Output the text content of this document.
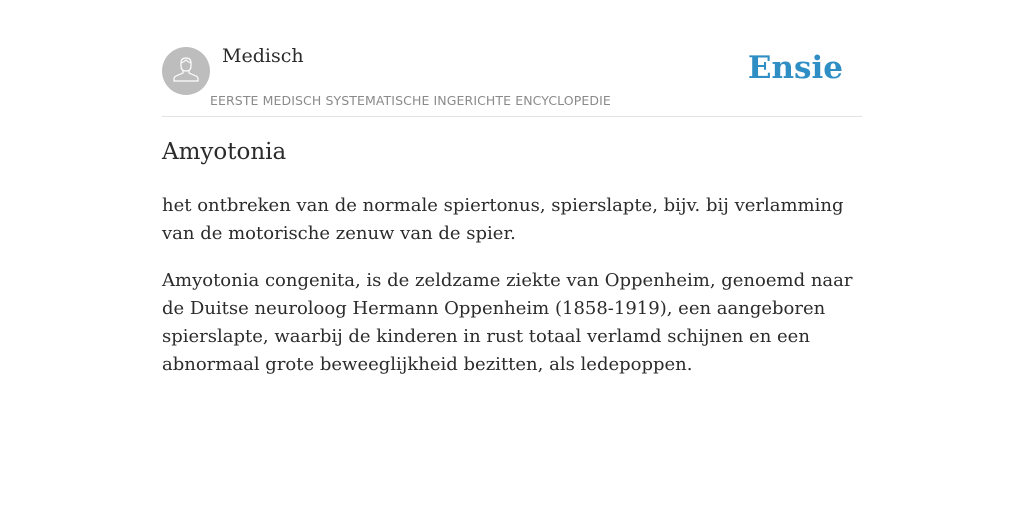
Medisch
EERSTE MEDISCH SYSTEMATISCHE INGERICHTE ENCYCLOPEDIE
Ensie
Amyotonia

het ontbreken van de normale spiertonus, spierslapte, bijv. bij verlamming van de motorische zenuw van de spier.

Amyotonia congenita, is de zeldzame ziekte van Oppenheim, genoemd naar de Duitse neuroloog Hermann Oppenheim (1858-1919), een aangeboren spierslapte, waarbij de kinderen in rust totaal verlamd schijnen en een abnormaal grote beweeglijkheid bezitten, als ledepoppen.
